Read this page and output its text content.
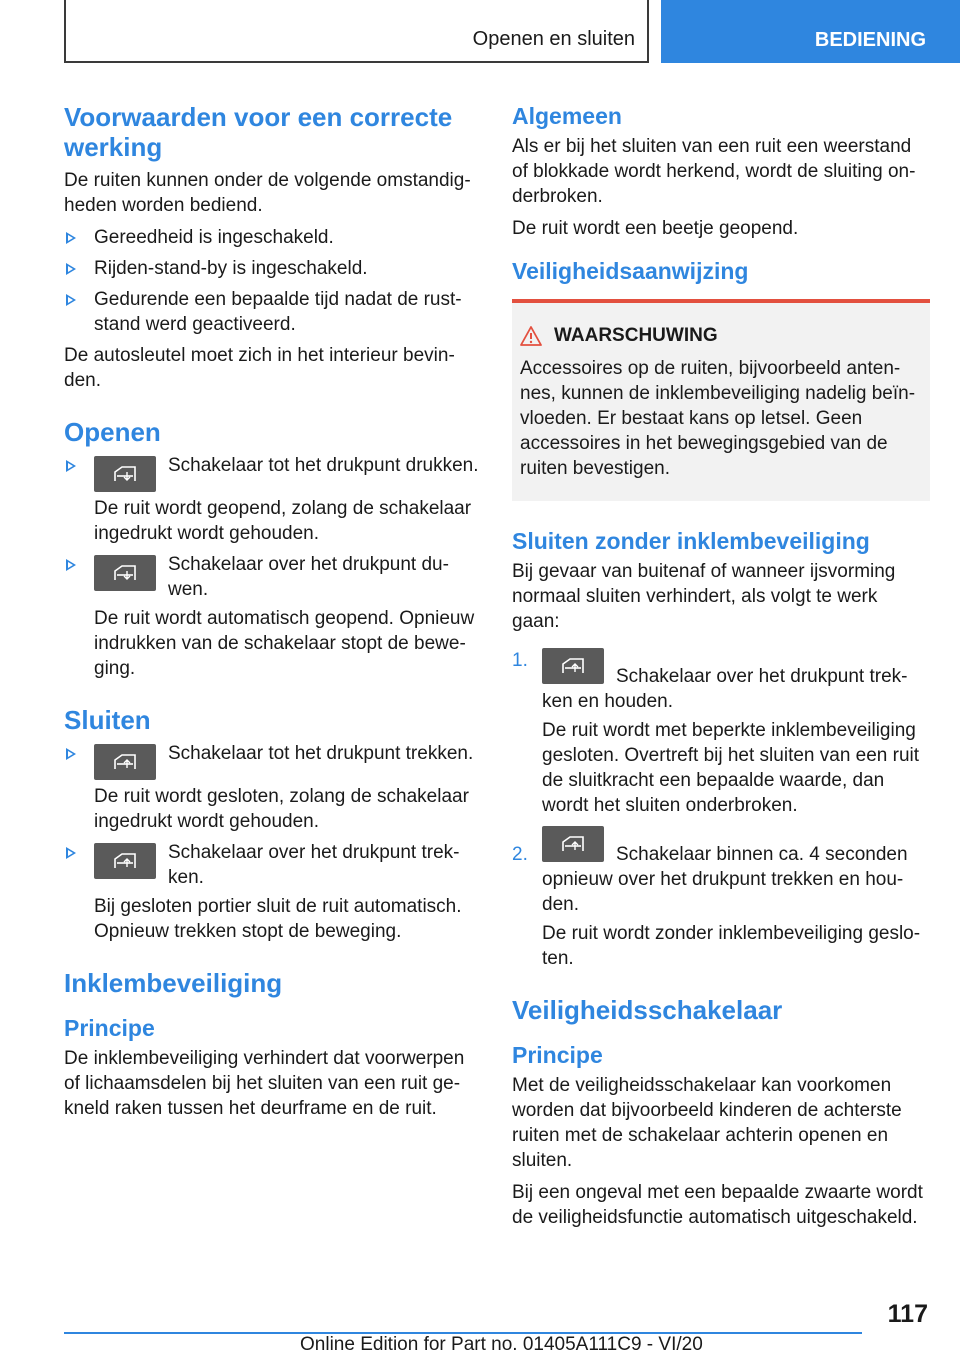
Openen en sluiten	BEDIENING
Voorwaarden voor een correcte werking

De ruiten kunnen onder de volgende omstandigheden worden bediend.

Gereedheid is ingeschakeld.
Rijden-stand-by is ingeschakeld.
Gedurende een bepaalde tijd nadat de ruststand werd geactiveerd.

De autosleutel moet zich in het interieur bevinden.

Openen
Schakelaar tot het drukpunt drukken.
De ruit wordt geopend, zolang de schakelaar ingedrukt wordt gehouden.
Schakelaar over het drukpunt duwen.
De ruit wordt automatisch geopend. Opnieuw indrukken van de schakelaar stopt de beweging.
Sluiten
Schakelaar tot het drukpunt trekken.
De ruit wordt gesloten, zolang de schakelaar ingedrukt wordt gehouden.
Schakelaar over het drukpunt trekken.
Bij gesloten portier sluit de ruit automatisch. Opnieuw trekken stopt de beweging.
Inklembeveiliging
Principe

De inklembeveiliging verhindert dat voorwerpen of lichaamsdelen bij het sluiten van een ruit gekneld raken tussen het deurframe en de ruit.

Algemeen

Als er bij het sluiten van een ruit een weerstand of blokkade wordt herkend, wordt de sluiting onderbroken.

De ruit wordt een beetje geopend.

Veiligheidsaanwijzing
WAARSCHUWING
Accessoires op de ruiten, bijvoorbeeld antennes, kunnen de inklembeveiliging nadelig beïnvloeden. Er bestaat kans op letsel. Geen accessoires in het bewegingsgebied van de ruiten bevestigen.
Sluiten zonder inklembeveiliging

Bij gevaar van buitenaf of wanneer ijsvorming normaal sluiten verhindert, als volgt te werk gaan:

1.
Schakelaar over het drukpunt trekken en houden.
De ruit wordt met beperkte inklembeveiliging gesloten. Overtreft bij het sluiten van een ruit de sluitkracht een bepaalde waarde, dan wordt het sluiten onderbroken.
2.	Schakelaar binnen ca. 4 seconden opnieuw over het drukpunt trekken en houden.
De ruit wordt zonder inklembeveiliging gesloten.
Veiligheidsschakelaar
Principe

Met de veiligheidsschakelaar kan voorkomen worden dat bijvoorbeeld kinderen de achterste ruiten met de schakelaar achterin openen en sluiten.

Bij een ongeval met een bepaalde zwaarte wordt de veiligheidsfunctie automatisch uitgeschakeld.

117
Online Edition for Part no. 01405A111C9 - VI/20
